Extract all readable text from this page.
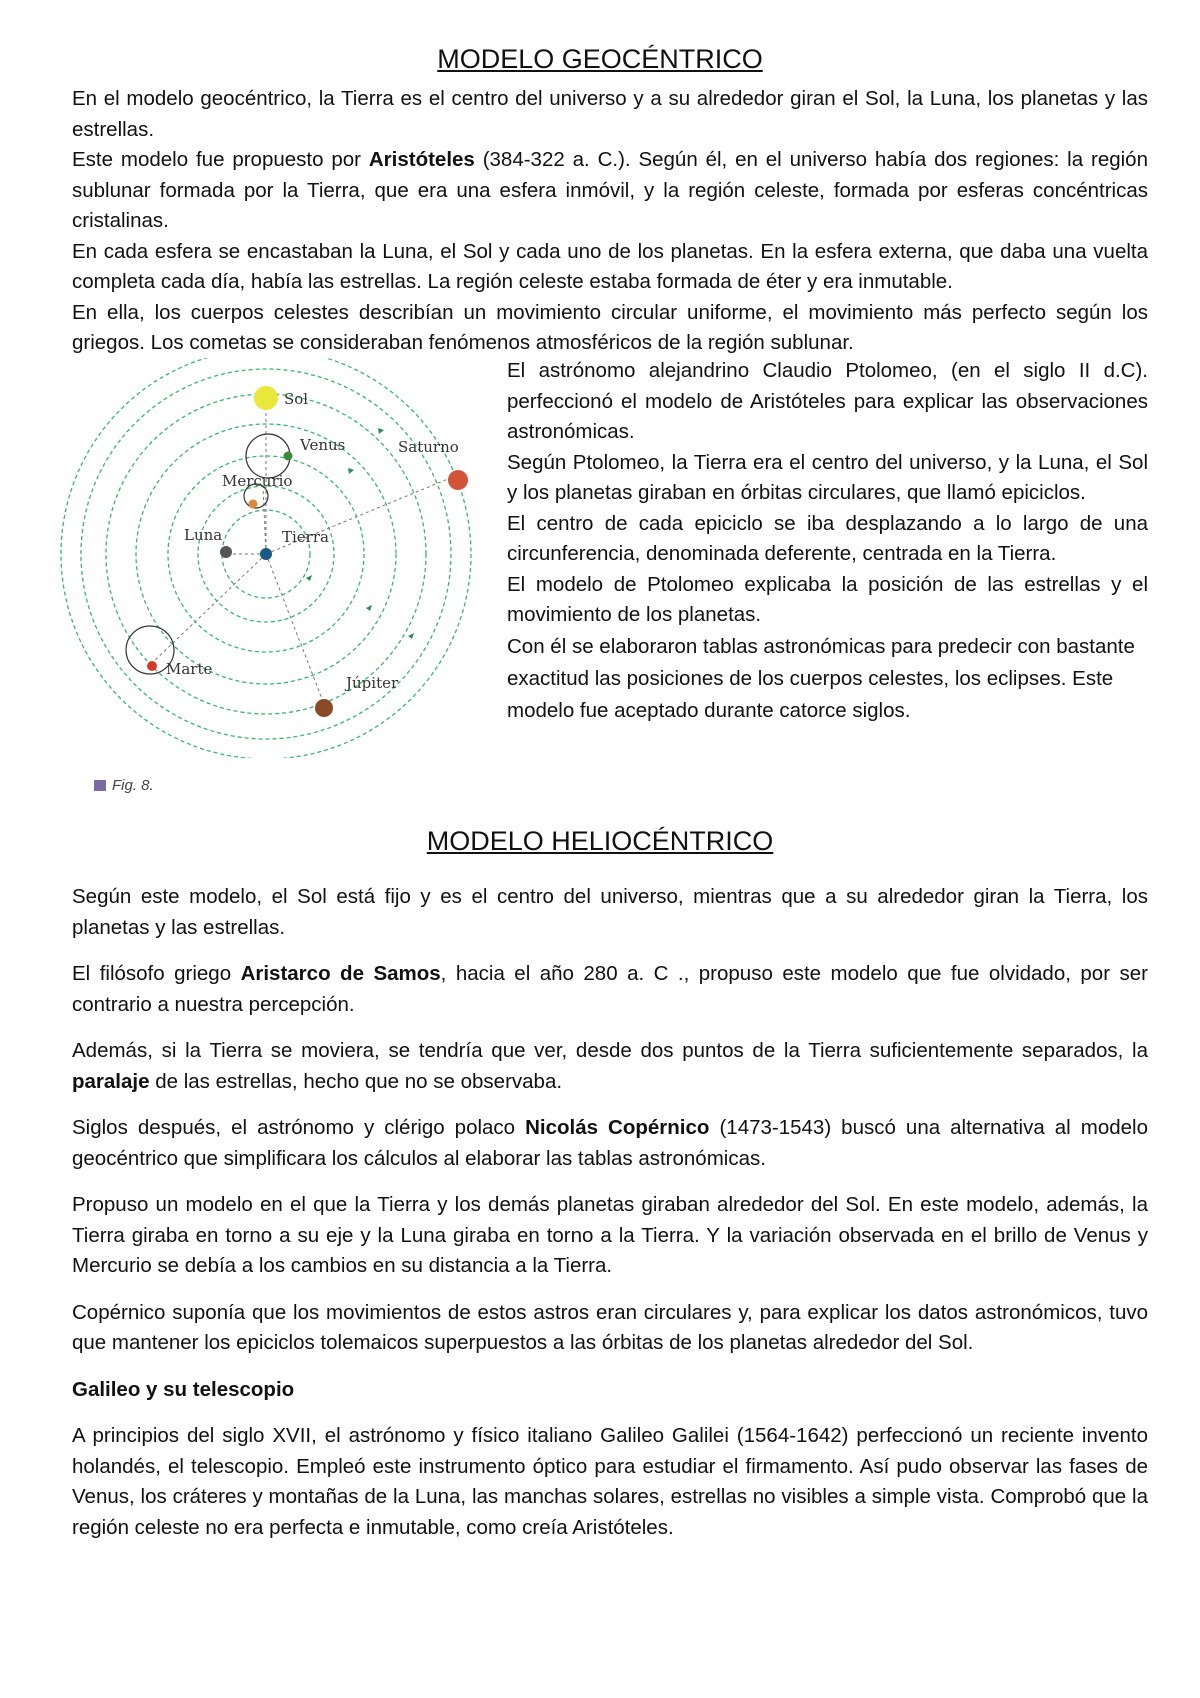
MODELO GEOCÉNTRICO

En el modelo geocéntrico, la Tierra es el centro del universo y a su alrededor giran el Sol, la Luna, los planetas y las estrellas.

Este modelo fue propuesto por Aristóteles (384-322 a. C.). Según él, en el universo había dos regiones: la región sublunar formada por la Tierra, que era una esfera inmóvil, y la región celeste, formada por esferas concéntricas cristalinas.

En cada esfera se encastaban la Luna, el Sol y cada uno de los planetas. En la esfera externa, que daba una vuelta completa cada día, había las estrellas. La región celeste estaba formada de éter y era inmutable.

En ella, los cuerpos celestes describían un movimiento circular uniforme, el movimiento más perfecto según los griegos. Los cometas se consideraban fenómenos atmosféricos de la región sublunar.

Sol
Venus	Saturno
Mercurio
Luna	Tierra
Marte
Júpiter
Fig. 8.

El astrónomo alejandrino Claudio Ptolomeo, (en el siglo II d.C). perfeccionó el modelo de Aristóteles para explicar las observaciones astronómicas.

Según Ptolomeo, la Tierra era el centro del universo, y la Luna, el Sol y los planetas giraban en órbitas circulares, que llamó epiciclos.

El centro de cada epiciclo se iba desplazando a lo largo de una circunferencia, denominada deferente, centrada en la Tierra.

El modelo de Ptolomeo explicaba la posición de las estrellas y el movimiento de los planetas.

Con él se elaboraron tablas astronómicas para predecir con bastante exactitud las posiciones de los cuerpos celestes, los eclipses. Este modelo fue aceptado durante catorce siglos.

MODELO HELIOCÉNTRICO

Según este modelo, el Sol está fijo y es el centro del universo, mientras que a su alrededor giran la Tierra, los planetas y las estrellas.

El filósofo griego Aristarco de Samos, hacia el año 280 a. C ., propuso este modelo que fue olvidado, por ser contrario a nuestra percepción.

Además, si la Tierra se moviera, se tendría que ver, desde dos puntos de la Tierra suficientemente separados, la paralaje de las estrellas, hecho que no se observaba.

Siglos después, el astrónomo y clérigo polaco Nicolás Copérnico (1473-1543) buscó una alternativa al modelo geocéntrico que simplificara los cálculos al elaborar las tablas astronómicas.

Propuso un modelo en el que la Tierra y los demás planetas giraban alrededor del Sol. En este modelo, además, la Tierra giraba en torno a su eje y la Luna giraba en torno a la Tierra. Y la variación observada en el brillo de Venus y Mercurio se debía a los cambios en su distancia a la Tierra.

Copérnico suponía que los movimientos de estos astros eran circulares y, para explicar los datos astronómicos, tuvo que mantener los epiciclos tolemaicos superpuestos a las órbitas de los planetas alrededor del Sol.

Galileo y su telescopio

A principios del siglo XVII, el astrónomo y físico italiano Galileo Galilei (1564-1642) perfeccionó un reciente invento holandés, el telescopio. Empleó este instrumento óptico para estudiar el firmamento. Así pudo observar las fases de Venus, los cráteres y montañas de la Luna, las manchas solares, estrellas no visibles a simple vista. Comprobó que la región celeste no era perfecta e inmutable, como creía Aristóteles.
